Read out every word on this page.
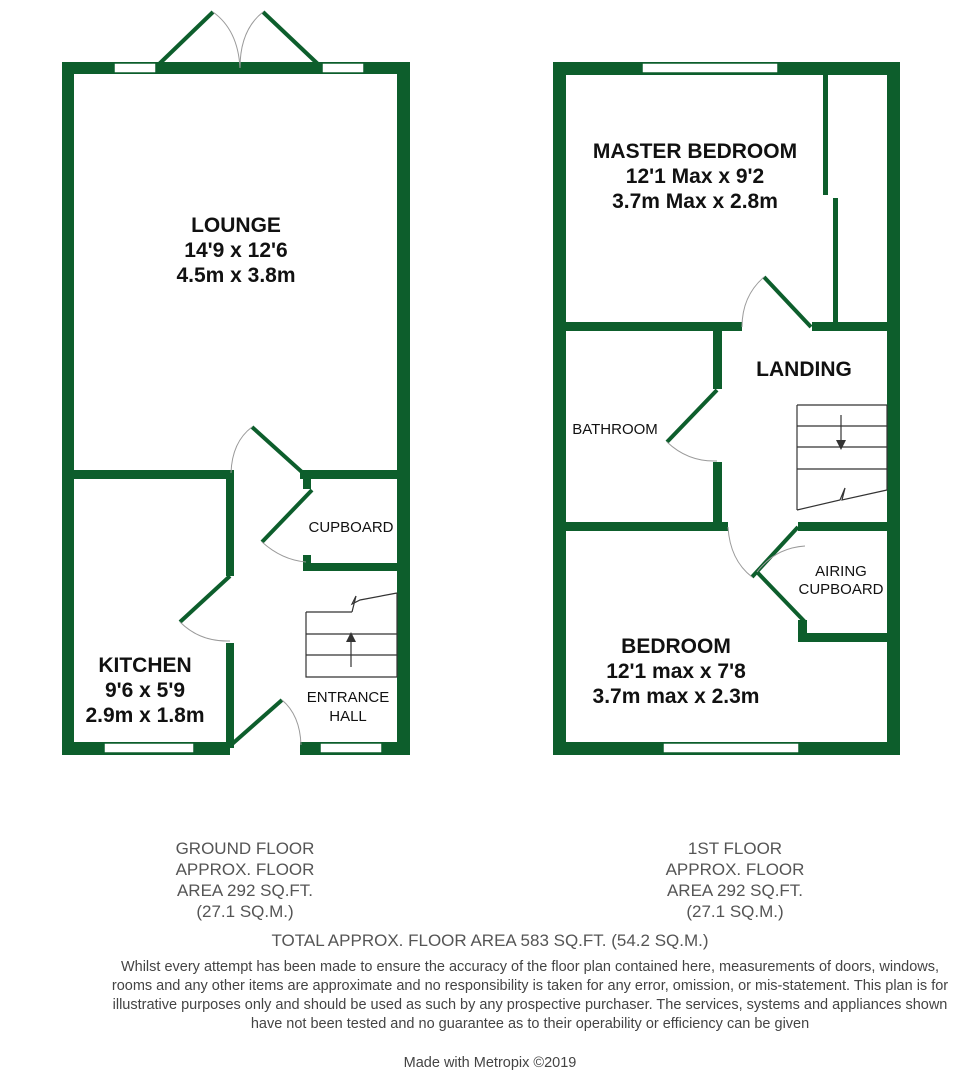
LOUNGE
14'9 x 12'6
4.5m x 3.8m
KITCHEN
9'6 x 5'9
2.9m x 1.8m
CUPBOARD
ENTRANCE
HALL
MASTER BEDROOM
12'1 Max x 9'2
3.7m Max x 2.8m
LANDING
BATHROOM
AIRING
CUPBOARD
BEDROOM
12'1 max x 7'8
3.7m max x 2.3m
GROUND FLOOR
APPROX. FLOOR
AREA 292 SQ.FT.
(27.1 SQ.M.)
1ST FLOOR
APPROX. FLOOR
AREA 292 SQ.FT.
(27.1 SQ.M.)
TOTAL APPROX. FLOOR AREA 583 SQ.FT. (54.2 SQ.M.)
Whilst every attempt has been made to ensure the accuracy of the floor plan contained here, measurements of doors, windows, rooms and any other items are approximate and no responsibility is taken for any error, omission, or mis-statement. This plan is for illustrative purposes only and should be used as such by any prospective purchaser. The services, systems and appliances shown have not been tested and no guarantee as to their operability or efficiency can be given
Made with Metropix ©2019
